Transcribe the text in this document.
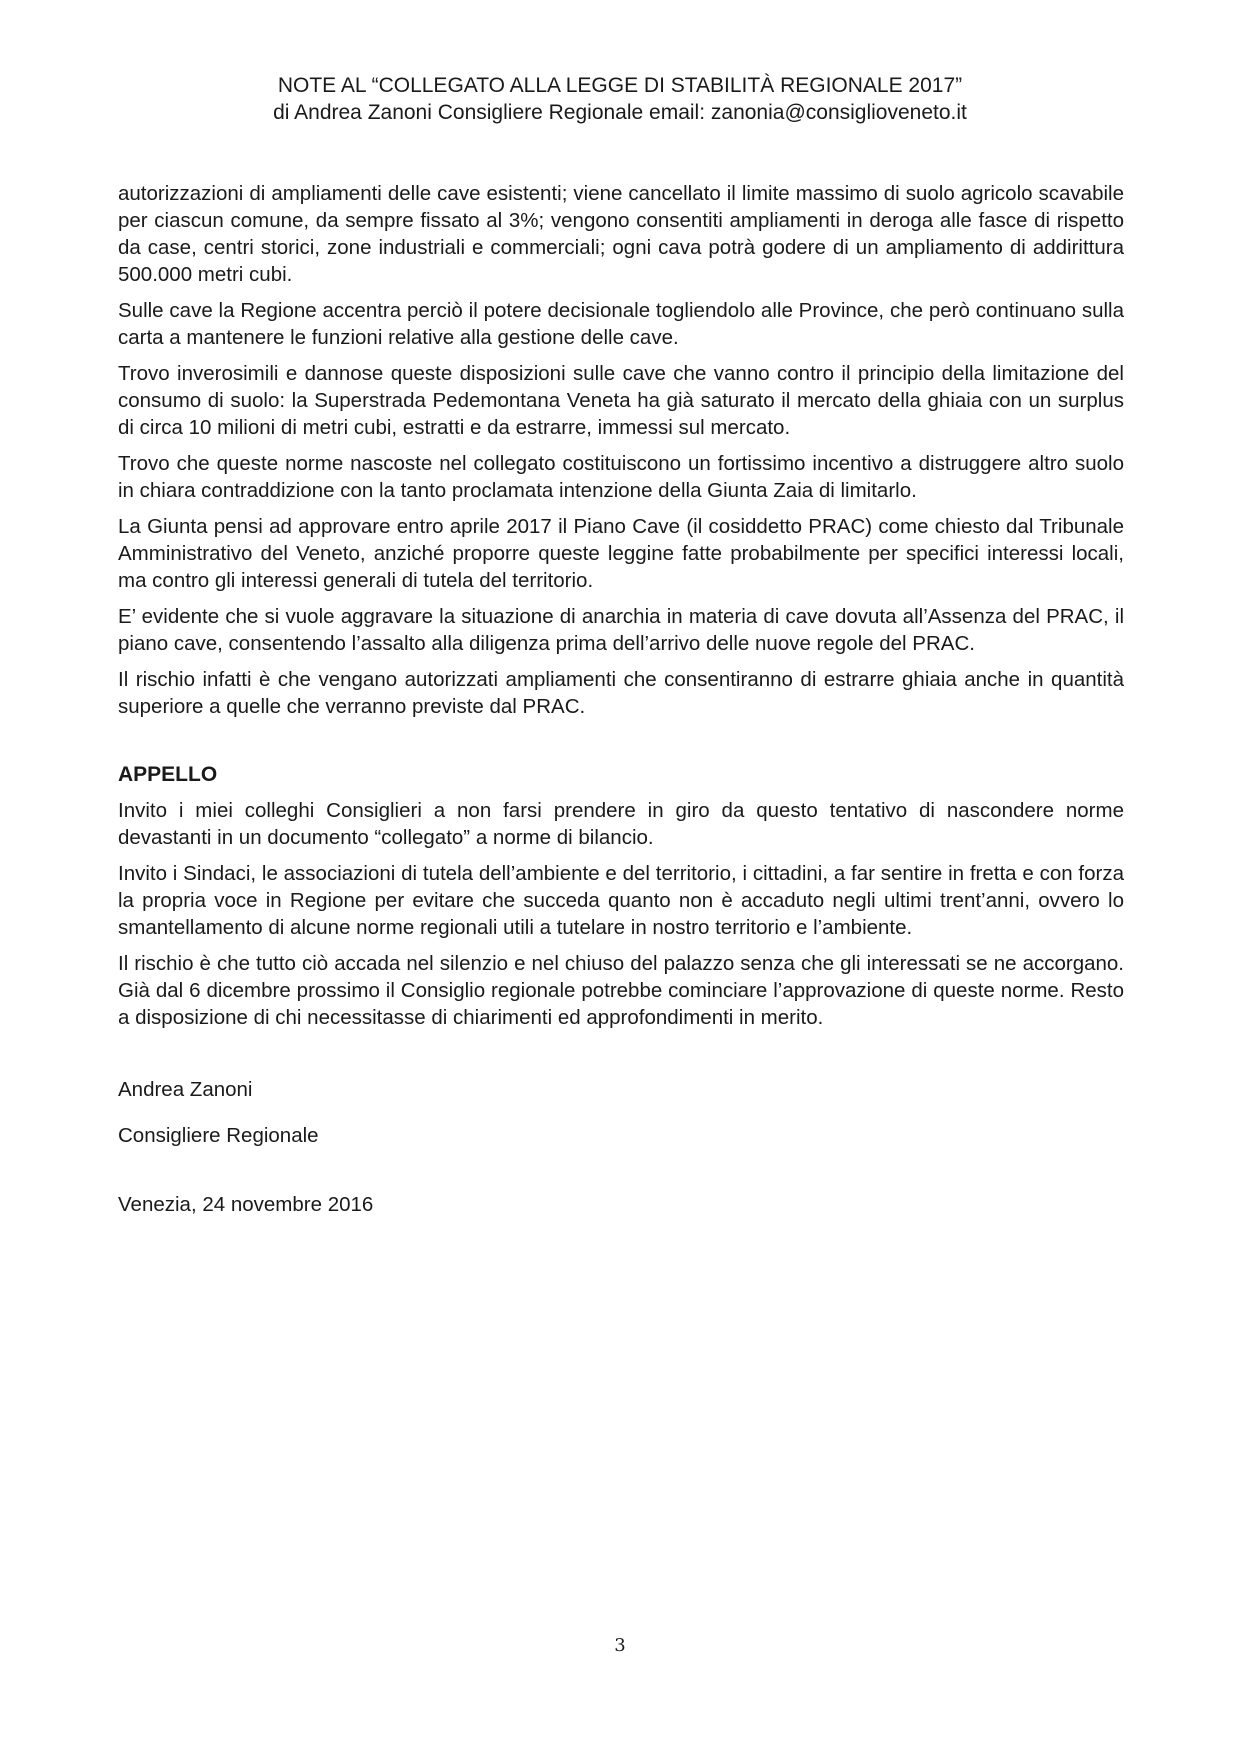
NOTE AL “COLLEGATO ALLA LEGGE DI STABILITÀ REGIONALE 2017”
di Andrea Zanoni Consigliere Regionale email: zanonia@consiglioveneto.it

autorizzazioni di ampliamenti delle cave esistenti; viene cancellato il limite massimo di suolo agricolo scavabile per ciascun comune, da sempre fissato al 3%; vengono consentiti ampliamenti in deroga alle fasce di rispetto da case, centri storici, zone industriali e commerciali; ogni cava potrà godere di un ampliamento di addirittura 500.000 metri cubi.

Sulle cave la Regione accentra perciò il potere decisionale togliendolo alle Province, che però continuano sulla carta a mantenere le funzioni relative alla gestione delle cave.

Trovo inverosimili e dannose queste disposizioni sulle cave che vanno contro il principio della limitazione del consumo di suolo: la Superstrada Pedemontana Veneta ha già saturato il mercato della ghiaia con un surplus di circa 10 milioni di metri cubi, estratti e da estrarre, immessi sul mercato.

Trovo che queste norme nascoste nel collegato costituiscono un fortissimo incentivo a distruggere altro suolo in chiara contraddizione con la tanto proclamata intenzione della Giunta Zaia di limitarlo.

La Giunta pensi ad approvare entro aprile 2017 il Piano Cave (il cosiddetto PRAC) come chiesto dal Tribunale Amministrativo del Veneto, anziché proporre queste leggine fatte probabilmente per specifici interessi locali, ma contro gli interessi generali di tutela del territorio.

E’ evidente che si vuole aggravare la situazione di anarchia in materia di cave dovuta all’Assenza del PRAC, il piano cave, consentendo l’assalto alla diligenza prima dell’arrivo delle nuove regole del PRAC.

Il rischio infatti è che vengano autorizzati ampliamenti che consentiranno di estrarre ghiaia anche in quantità superiore a quelle che verranno previste dal PRAC.

APPELLO

Invito i miei colleghi Consiglieri a non farsi prendere in giro da questo tentativo di nascondere norme devastanti in un documento “collegato” a norme di bilancio.

Invito i Sindaci, le associazioni di tutela dell’ambiente e del territorio, i cittadini, a far sentire in fretta e con forza la propria voce in Regione per evitare che succeda quanto non è accaduto negli ultimi trent’anni, ovvero lo smantellamento di alcune norme regionali utili a tutelare in nostro territorio e l’ambiente.

Il rischio è che tutto ciò accada nel silenzio e nel chiuso del palazzo senza che gli interessati se ne accorgano. Già dal 6 dicembre prossimo il Consiglio regionale potrebbe cominciare l’approvazione di queste norme. Resto a disposizione di chi necessitasse di chiarimenti ed approfondimenti in merito.

Andrea Zanoni
Consigliere Regionale
Venezia, 24 novembre 2016
3
